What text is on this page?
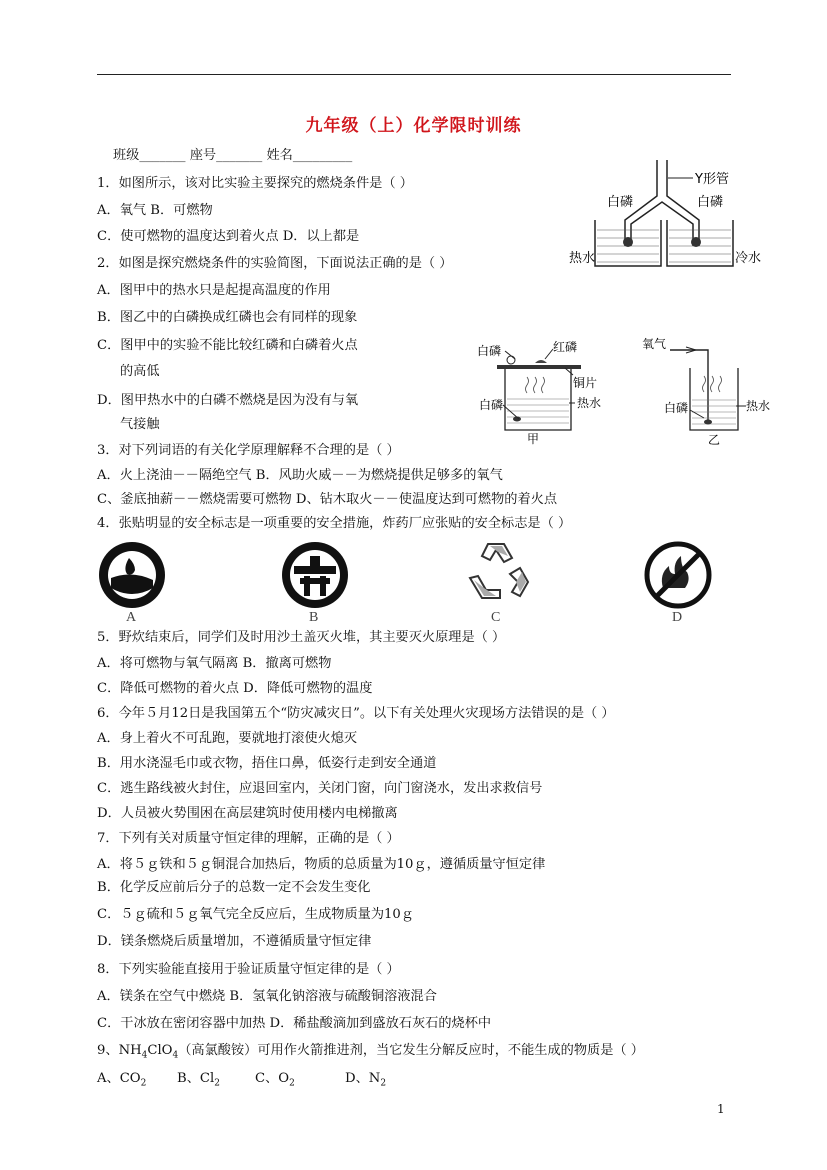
九年级（上）化学限时训练
班级_______ 座号_______ 姓名_________
1．如图所示，该对比实验主要探究的燃烧条件是（ ）
A．氧气 B．可燃物
C．使可燃物的温度达到着火点 D．以上都是
2．如图是探究燃烧条件的实验简图，下面说法正确的是（ ）
A．图甲中的热水只是起提高温度的作用
B．图乙中的白磷换成红磷也会有同样的现象
C．图甲中的实验不能比较红磷和白磷着火点
的高低
D．图甲热水中的白磷不燃烧是因为没有与氧
气接触
3．对下列词语的有关化学原理解释不合理的是（ ）
A．火上浇油－－隔绝空气 B．风助火威－－为燃烧提供足够多的氧气
C、釜底抽薪－－燃烧需要可燃物 D、钻木取火－－使温度达到可燃物的着火点
4．张贴明显的安全标志是一项重要的安全措施，炸药厂应张贴的安全标志是（ ）
5．野炊结束后，同学们及时用沙土盖灭火堆，其主要灭火原理是（ ）
A．将可燃物与氧气隔离 B．撤离可燃物
C．降低可燃物的着火点 D．降低可燃物的温度
6．今年５月12日是我国第五个“防灾减灾日”。以下有关处理火灾现场方法错误的是（ ）
A．身上着火不可乱跑，要就地打滚使火熄灭
B．用水浇湿毛巾或衣物，捂住口鼻，低姿行走到安全通道
C．逃生路线被火封住，应退回室内，关闭门窗，向门窗浇水，发出求救信号
D．人员被火势围困在高层建筑时使用楼内电梯撤离
7．下列有关对质量守恒定律的理解，正确的是（ ）
A．将５ｇ铁和５ｇ铜混合加热后，物质的总质量为10ｇ，遵循质量守恒定律
B．化学反应前后分子的总数一定不会发生变化
C．５ｇ硫和５ｇ氧气完全反应后，生成物质量为10ｇ
D．镁条燃烧后质量增加，不遵循质量守恒定律
8．下列实验能直接用于验证质量守恒定律的是（ ）
A．镁条在空气中燃烧 B．氢氧化钠溶液与硫酸铜溶液混合
C．干冰放在密闭容器中加热 D．稀盐酸滴加到盛放石灰石的烧杯中
9、$NH_4ClO_4$（高氯酸铵）可用作火箭推进剂，当它发生分解反应时，不能生成的物质是（ ）
A、$CO_2$ B、$Cl_2$	C、$O_2$	D、$N_2$
Y形管
白磷	白磷
热水	冷水
白磷	红磷
铜片
白磷	热水
甲
氧气
白磷	热水
乙
A	B	C	D
1
